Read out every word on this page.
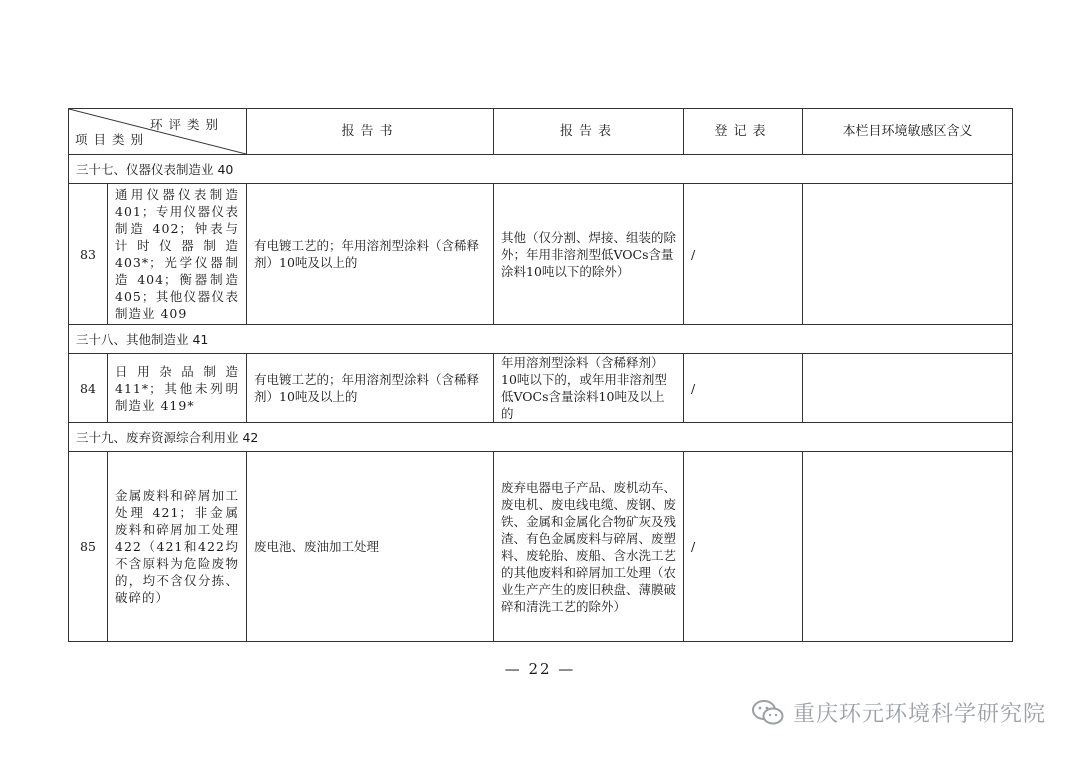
环评类别
项目类别		报告书	报告表	登记表	本栏目环境敏感区含义
三十七、仪器仪表制造业 40					
83	通用仪器仪表制造 401；专用仪器仪表制造 402；钟表与计时仪器制造 403*；光学仪器制造 404；衡器制造 405；其他仪器仪表制造业 409	有电镀工艺的；年用溶剂型涂料（含稀释剂）10吨及以上的	其他（仅分割、焊接、组装的除外；年用非溶剂型低VOCs含量涂料10吨以下的除外）	/	
三十八、其他制造业 41					
84	日用杂品制造 411*；其他未列明制造业 419*	有电镀工艺的；年用溶剂型涂料（含稀释剂）10吨及以上的	年用溶剂型涂料（含稀释剂）10吨以下的，或年用非溶剂型低VOCs含量涂料10吨及以上的	/	
三十九、废弃资源综合利用业 42					
85	金属废料和碎屑加工处理 421；非金属废料和碎屑加工处理 422（421和422均不含原料为危险废物的，均不含仅分拣、破碎的）	废电池、废油加工处理	废弃电器电子产品、废机动车、废电机、废电线电缆、废钢、废铁、金属和金属化合物矿灰及残渣、有色金属废料与碎屑、废塑料、废轮胎、废船、含水洗工艺的其他废料和碎屑加工处理（农业生产产生的废旧秧盘、薄膜破碎和清洗工艺的除外）	/	
— 22 —
重庆环元环境科学研究院
